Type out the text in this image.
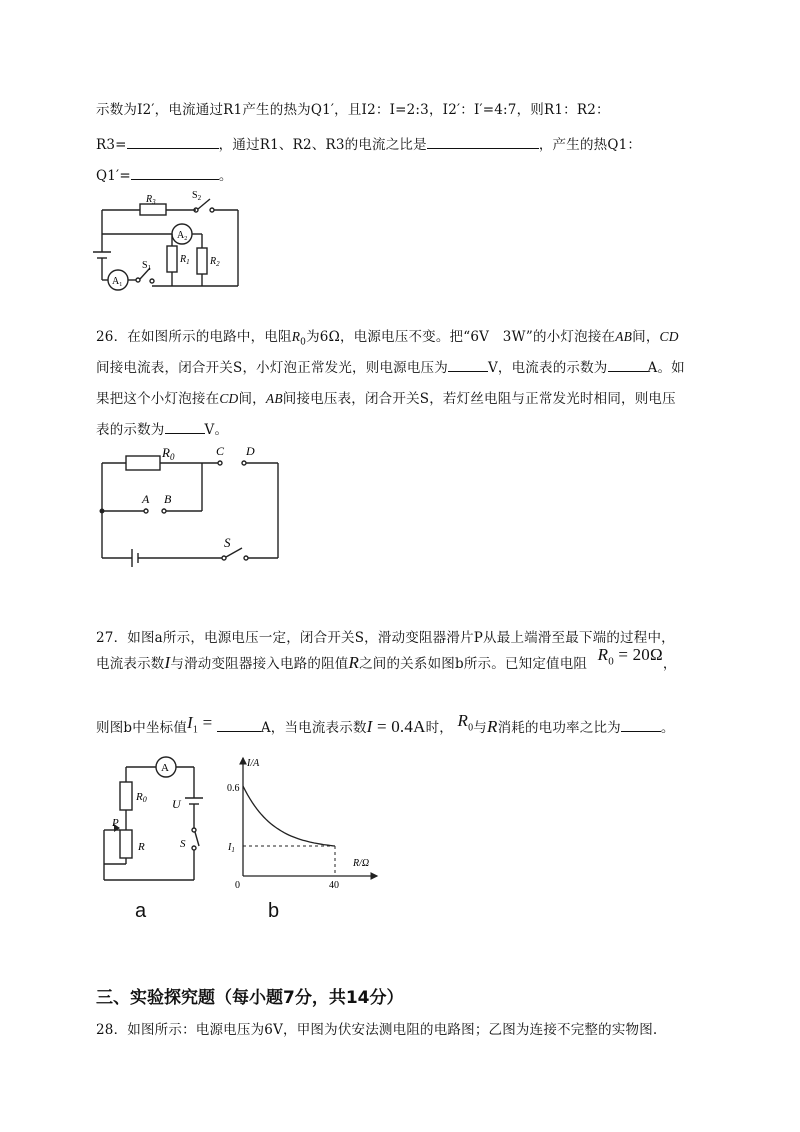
示数为I2′，电流通过R1产生的热为Q1′，且I2：I=2:3，I2′：I′=4:7，则R1：R2：
R3=	，通过R1、R2、R3的电流之比是	，产生的热Q1：
Q1′=	。
$R_3$
$S_2$
$A_2$
$R_1$ $R_2$
$S_1$
$A_1$
26．在如图所示的电路中，电阻$R_0$为6Ω，电源电压不变。把“6V　3W”的小灯泡接在AB间，CD
间接电流表，闭合开关S，小灯泡正常发光，则电源电压为	V，电流表的示数为	A。如
果把这个小灯泡接在CD间，AB间接电压表，闭合开关S，若灯丝电阻与正常发光时相同，则电压
表的示数为	V。
$R_0$	C D
A B
S
27．如图a所示，电源电压一定，闭合开关S，滑动变阻器滑片P从最上端滑至最下端的过程中，
电流表示数I与滑动变阻器接入电路的阻值R之间的关系如图b所示。已知定值电阻 $R_0 = 20\Omega$，
则图b中坐标值$I_1$ =	A，当电流表示数I = 0.4A时， $R_0$与R消耗的电功率之比为	。
A
R0 U
P
R	S
I/A
R/Ω
0.6
$I_1$
0	40
a	b
三、实验探究题（每小题7分，共14分）
28．如图所示：电源电压为6V，甲图为伏安法测电阻的电路图；乙图为连接不完整的实物图.
